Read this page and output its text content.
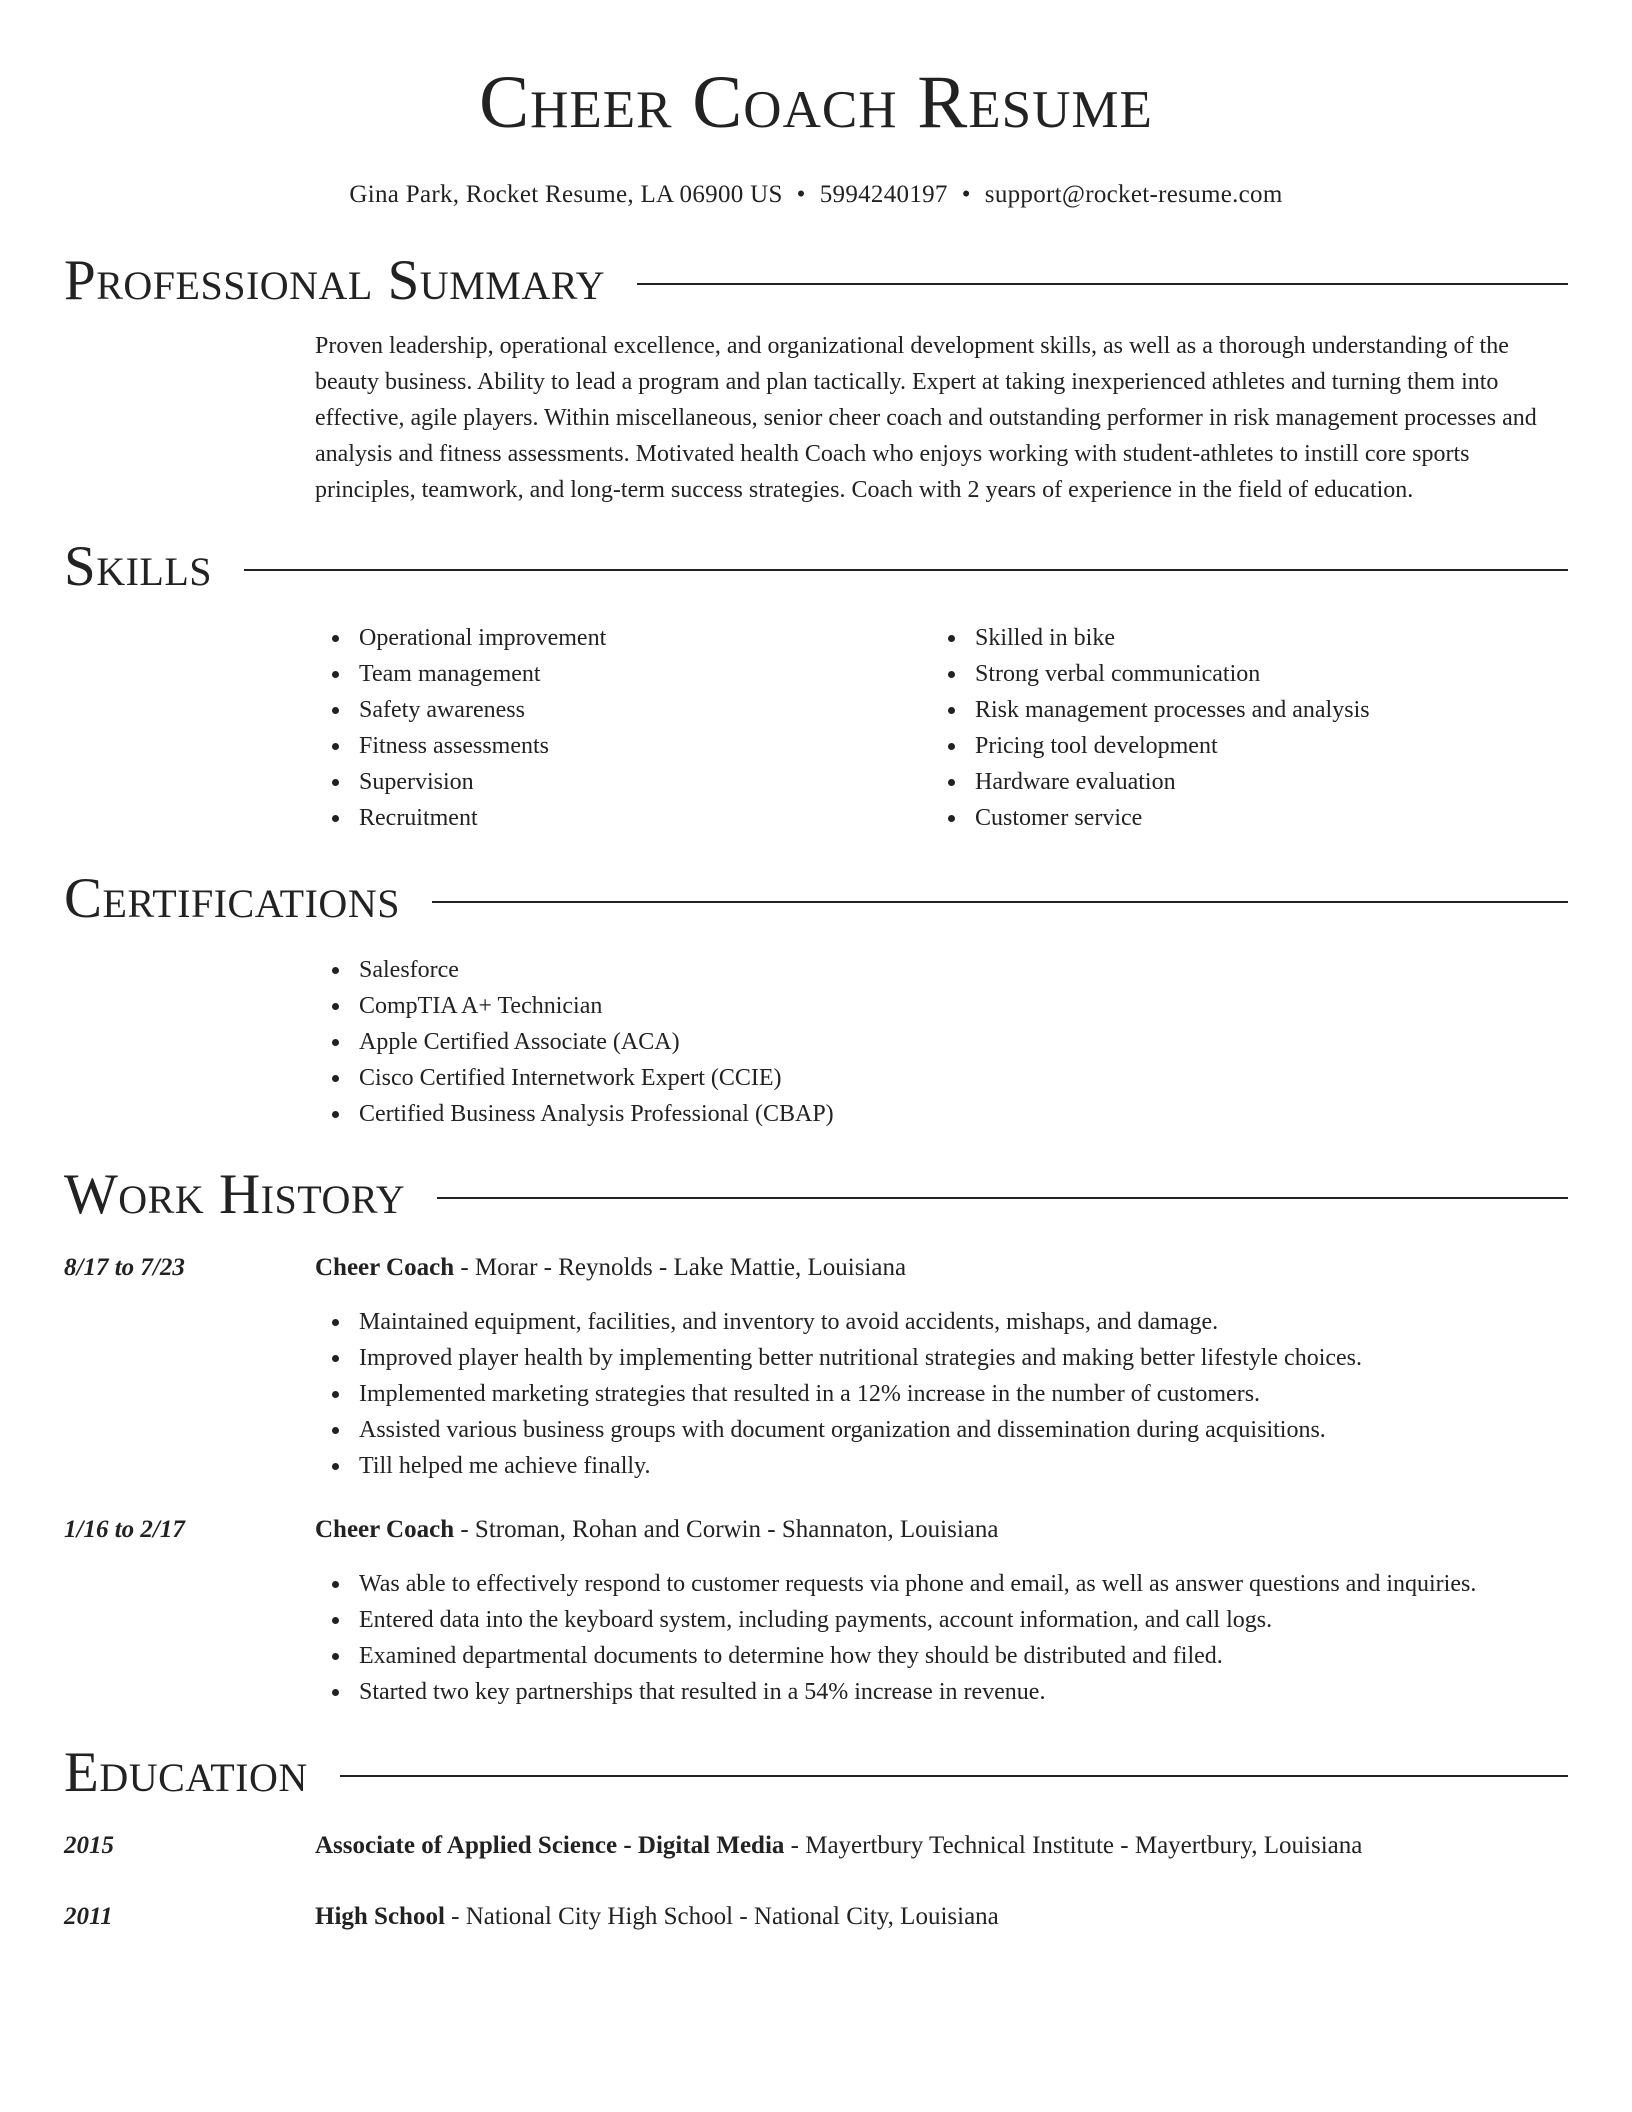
Cheer Coach Resume
Gina Park, Rocket Resume, LA 06900 US • 5994240197 • support@rocket-resume.com
Professional Summary
Proven leadership, operational excellence, and organizational development skills, as well as a thorough understanding of the beauty business. Ability to lead a program and plan tactically. Expert at taking inexperienced athletes and turning them into effective, agile players. Within miscellaneous, senior cheer coach and outstanding performer in risk management processes and analysis and fitness assessments. Motivated health Coach who enjoys working with student-athletes to instill core sports principles, teamwork, and long-term success strategies. Coach with 2 years of experience in the field of education.
Skills
Operational improvement
Team management
Safety awareness
Fitness assessments
Supervision
Recruitment
Skilled in bike
Strong verbal communication
Risk management processes and analysis
Pricing tool development
Hardware evaluation
Customer service
Certifications
Salesforce
CompTIA A+ Technician
Apple Certified Associate (ACA)
Cisco Certified Internetwork Expert (CCIE)
Certified Business Analysis Professional (CBAP)
Work History
8/17 to 7/23	Cheer Coach - Morar - Reynolds - Lake Mattie, Louisiana
Maintained equipment, facilities, and inventory to avoid accidents, mishaps, and damage.
Improved player health by implementing better nutritional strategies and making better lifestyle choices.
Implemented marketing strategies that resulted in a 12% increase in the number of customers.
Assisted various business groups with document organization and dissemination during acquisitions.
Till helped me achieve finally.
1/16 to 2/17	Cheer Coach - Stroman, Rohan and Corwin - Shannaton, Louisiana
Was able to effectively respond to customer requests via phone and email, as well as answer questions and inquiries.
Entered data into the keyboard system, including payments, account information, and call logs.
Examined departmental documents to determine how they should be distributed and filed.
Started two key partnerships that resulted in a 54% increase in revenue.
Education
2015	Associate of Applied Science - Digital Media - Mayertbury Technical Institute - Mayertbury, Louisiana
2011	High School - National City High School - National City, Louisiana
